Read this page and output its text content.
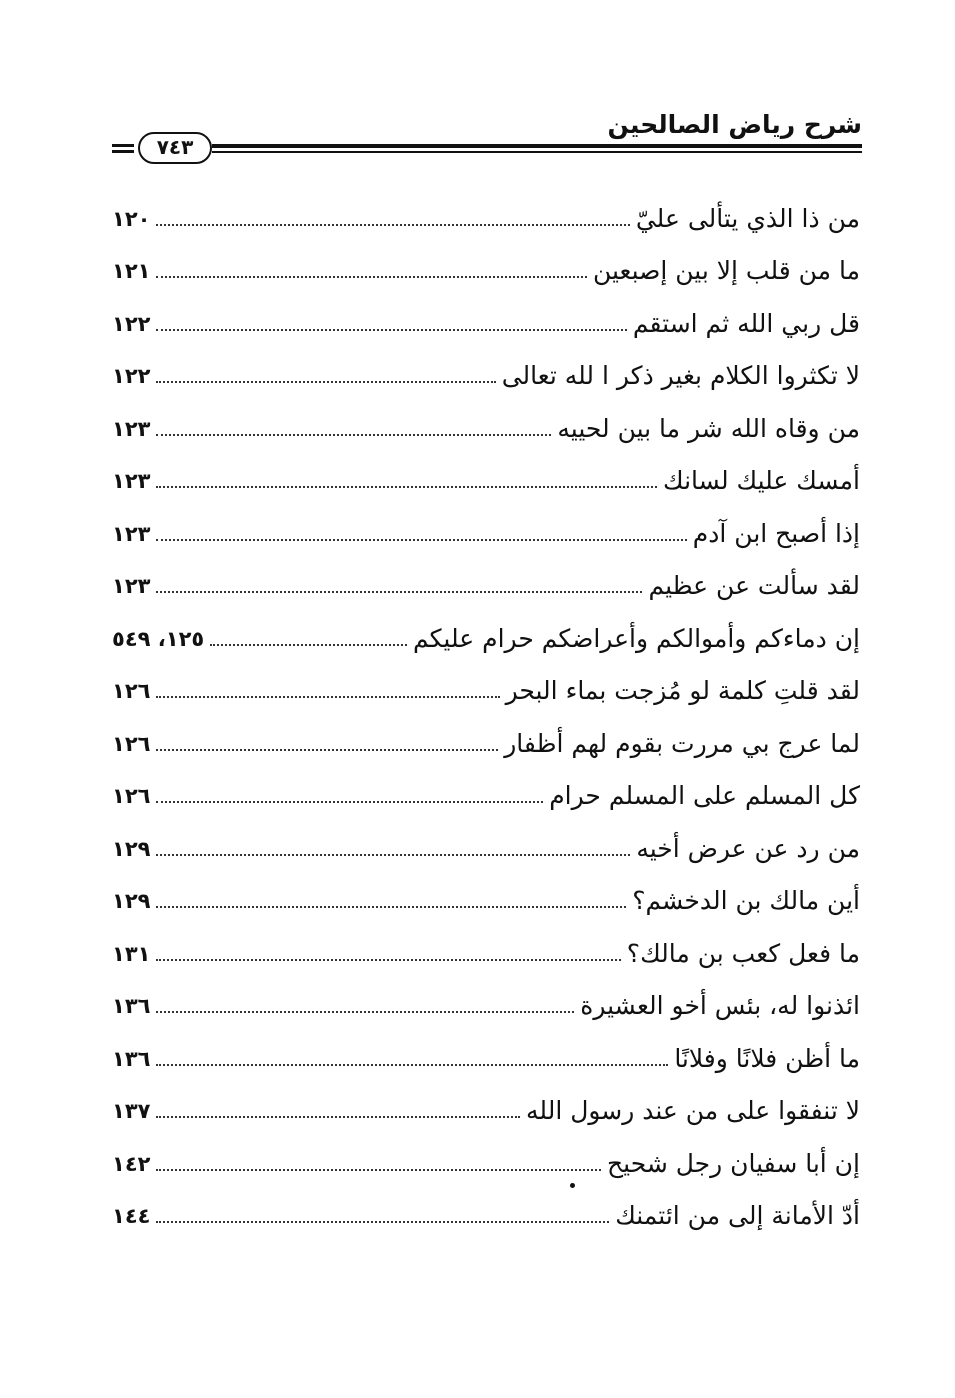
شرح رياض الصالحين
٧٤٣
من ذا الذي يتألى عليّ
١٢٠
ما من قلب إلا بين إصبعين
١٢١
قل ربي الله ثم استقم
١٢٢
لا تكثروا الكلام بغير ذكر ا لله تعالى
١٢٢
من وقاه الله شر ما بين لحييه
١٢٣
أمسك عليك لسانك
١٢٣
إذا أصبح ابن آدم
١٢٣
لقد سألت عن عظيم
١٢٣
إن دماءكم وأموالكم وأعراضكم حرام عليكم
١٢٥، ٥٤٩
لقد قلتِ كلمة لو مُزجت بماء البحر
١٢٦
لما عرج بي مررت بقوم لهم أظفار
١٢٦
كل المسلم على المسلم حرام
١٢٦
من رد عن عرض أخيه
١٢٩
أين مالك بن الدخشم؟
١٢٩
ما فعل كعب بن مالك؟
١٣١
ائذنوا له، بئس أخو العشيرة
١٣٦
ما أظن فلانًا وفلانًا
١٣٦
لا تنفقوا على من عند رسول الله
١٣٧
إن أبا سفيان رجل شحيح
١٤٢
أدّ الأمانة إلى من ائتمنك
١٤٤
